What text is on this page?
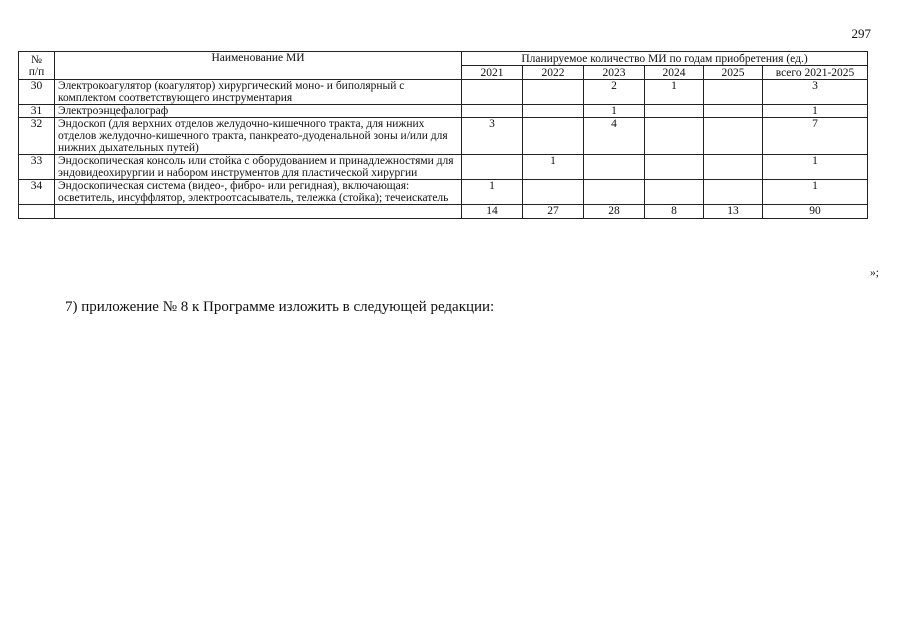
297
№
п/п	Наименование МИ	Планируемое количество МИ по годам приобретения (ед.)					
		2021	2022	2023	2024	2025	всего 2021-2025
30	Электрокоагулятор (коагулятор) хирургический моно- и биполярный с комплектом соответствующего инструментария			2	1		3
31	Электроэнцефалограф			1			1
32	Эндоскоп (для верхних отделов желудочно-кишечного тракта, для нижних отделов желудочно-кишечного тракта, панкреато-дуоденальной зоны и/или для нижних дыхательных путей)	3		4			7
33	Эндоскопическая консоль или стойка с оборудованием и принадлежностями для эндовидеохирургии и набором инструментов для пластической хирургии		1				1
34	Эндоскопическая система (видео-, фибро- или регидная), включающая: осветитель, инсуффлятор, электроотсасыватель, тележка (стойка); течеискатель	1					1
		14	27	28	8	13	90
»;
7) приложение № 8 к Программе изложить в следующей редакции:
